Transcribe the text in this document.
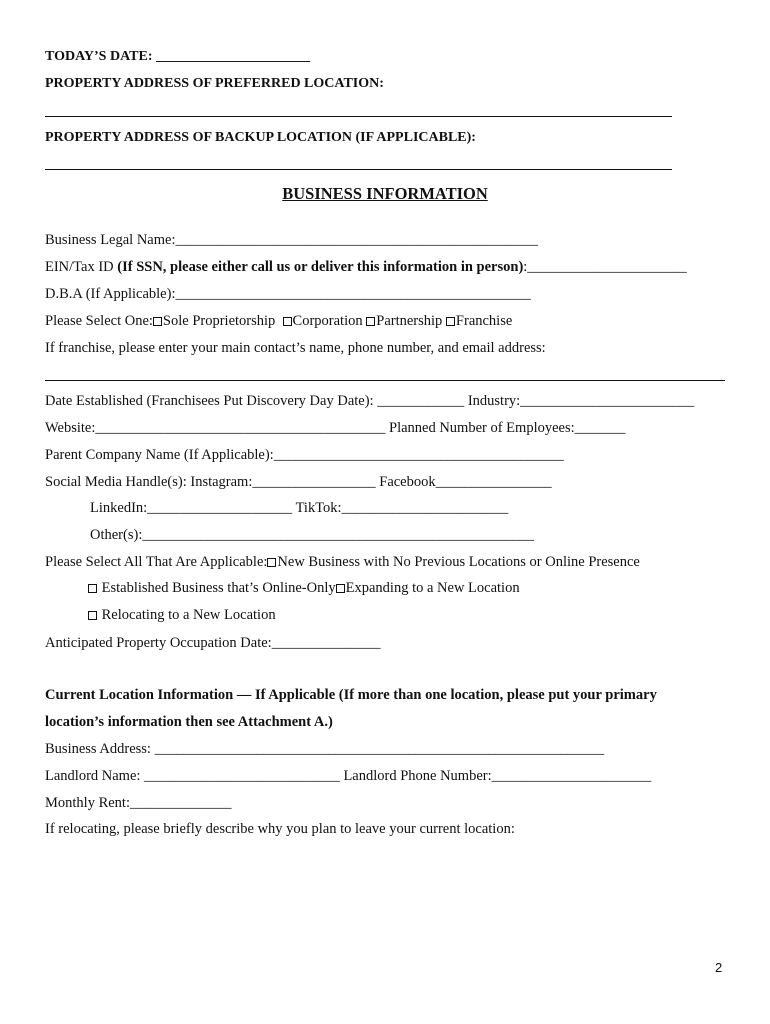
TODAY’S DATE: ______________________
PROPERTY ADDRESS OF PREFERRED LOCATION:
PROPERTY ADDRESS OF BACKUP LOCATION (IF APPLICABLE):
BUSINESS INFORMATION
Business Legal Name:__________________________________________________
EIN/Tax ID (If SSN, please either call us or deliver this information in person):______________________
D.B.A (If Applicable):_________________________________________________
Please Select One: Sole Proprietorship Corporation Partnership Franchise
If franchise, please enter your main contact’s name, phone number, and email address:
Date Established (Franchisees Put Discovery Day Date): ____________ Industry:________________________
Website:________________________________________ Planned Number of Employees:_______
Parent Company Name (If Applicable):________________________________________
Social Media Handle(s): Instagram:_________________ Facebook________________
LinkedIn:____________________ TikTok:_______________________
Other(s):______________________________________________________
Please Select All That Are Applicable: New Business with No Previous Locations or Online Presence
Established Business that’s Online-Only Expanding to a New Location
Relocating to a New Location
Anticipated Property Occupation Date:_______________
Current Location Information — If Applicable (If more than one location, please put your primary
location’s information then see Attachment A.)
Business Address: ______________________________________________________________
Landlord Name: ___________________________ Landlord Phone Number:______________________
Monthly Rent:______________
If relocating, please briefly describe why you plan to leave your current location:
2
